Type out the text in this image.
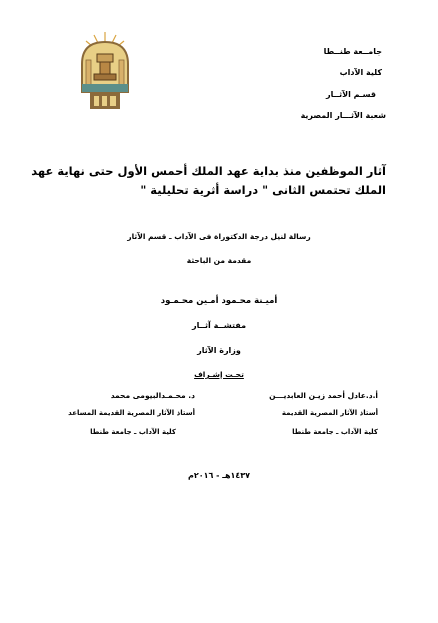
جامــعة طنــطا
كلية الآداب
قسـم الآثــار
شعبة الآثـــار المصرية
آثار الموظفين منذ بداية عهد الملك أحمس الأول حتى نهاية عهد
الملك تحتمس الثانى " دراسة أثرية تحليلية "
رسالة لنيل درجة الدكتوراة فى الآداب ـ قسم الآثار
مقدمة من الباحثة
أميـنة محـمود أمـين محـمـود
مفتشــة آثــار
وزارة الآثار
تحـت إشـراف
أ.د.عادل أحمد زيـن العابديـــن
أستاذ الآثار المصرية القديمة
كلية الآداب ـ جامعة طنطا
د. محـمـدالبيومى محمد
أستاذ الآثار المصرية القديمة المساعد
كلية الآداب ـ جامعة طنطا
١٤٣٧هـ - ٢٠١٦م
